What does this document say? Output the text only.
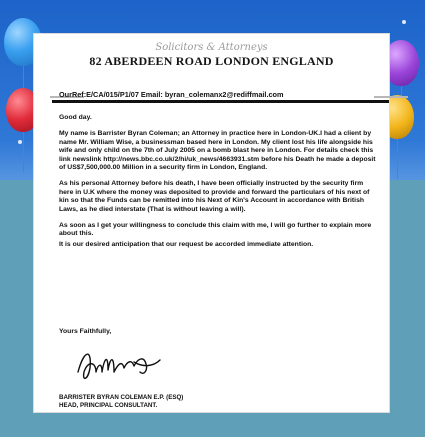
Solicitors & Attorneys
82 ABERDEEN ROAD LONDON ENGLAND
OurRef:E/CA/015/P1/07 Email: byran_colemanx2@rediffmail.com

Good day.

My name is Barrister Byran Coleman; an Attorney in practice here in London-UK.I had a client by name Mr. William Wise, a businessman based here in London. My client lost his life alongside his wife and only child on the 7th of July 2005 on a bomb blast here in London. For details check this link newslink http://news.bbc.co.uk/2/hi/uk_news/4663931.stm before his Death he made a deposit of US$7,500,000.00 Million in a security firm in London, England.

As his personal Attorney before his death, I have been officially instructed by the security firm here in U.K where the money was deposited to provide and forward the particulars of his next of kin so that the Funds can be remitted into his Next of Kin's Account in accordance with British Laws, as he died interstate (That is without leaving a will).

As soon as I get your willingness to conclude this claim with me, I will go further to explain more about this.

It is our desired anticipation that our request be accorded immediate attention.

Yours Faithfully,
BARRISTER BYRAN COLEMAN E.P. (ESQ)
HEAD, PRINCIPAL CONSULTANT.
